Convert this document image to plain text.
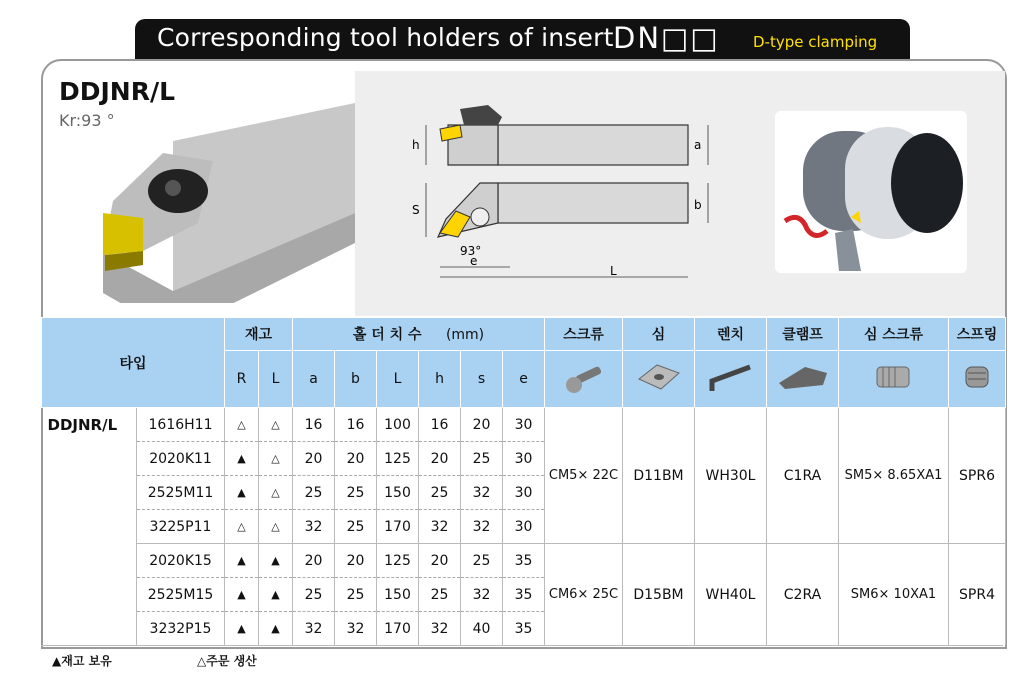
Corresponding tool holders of insert DN□□ D-type clamping
DDJNR/L
Kr:93 °
h	a
S	b
93°
e
L
타입		재고		홀 더 치 수 (mm)						스크류	심	렌치	클램프	심 스크류	스프링
		R	L	a	b	L	h	s	e						
DDJNR/L	1616H11	△	△	16	16	100	16	20	30	CM5× 22C	D11BM	WH30L	C1RA	SM5× 8.65XA1	SPR6
	2020K11	▲	△	20	20	125	20	25	30						
	2525M11	▲	△	25	25	150	25	32	30						
	3225P11	△	△	32	25	170	32	32	30						
	2020K15	▲	▲	20	20	125	20	25	35	CM6× 25C	D15BM	WH40L	C2RA	SM6× 10XA1	SPR4
	2525M15	▲	▲	25	25	150	25	32	35						
	3232P15	▲	▲	32	32	170	32	40	35						
▲재고 보유	△주문 생산
